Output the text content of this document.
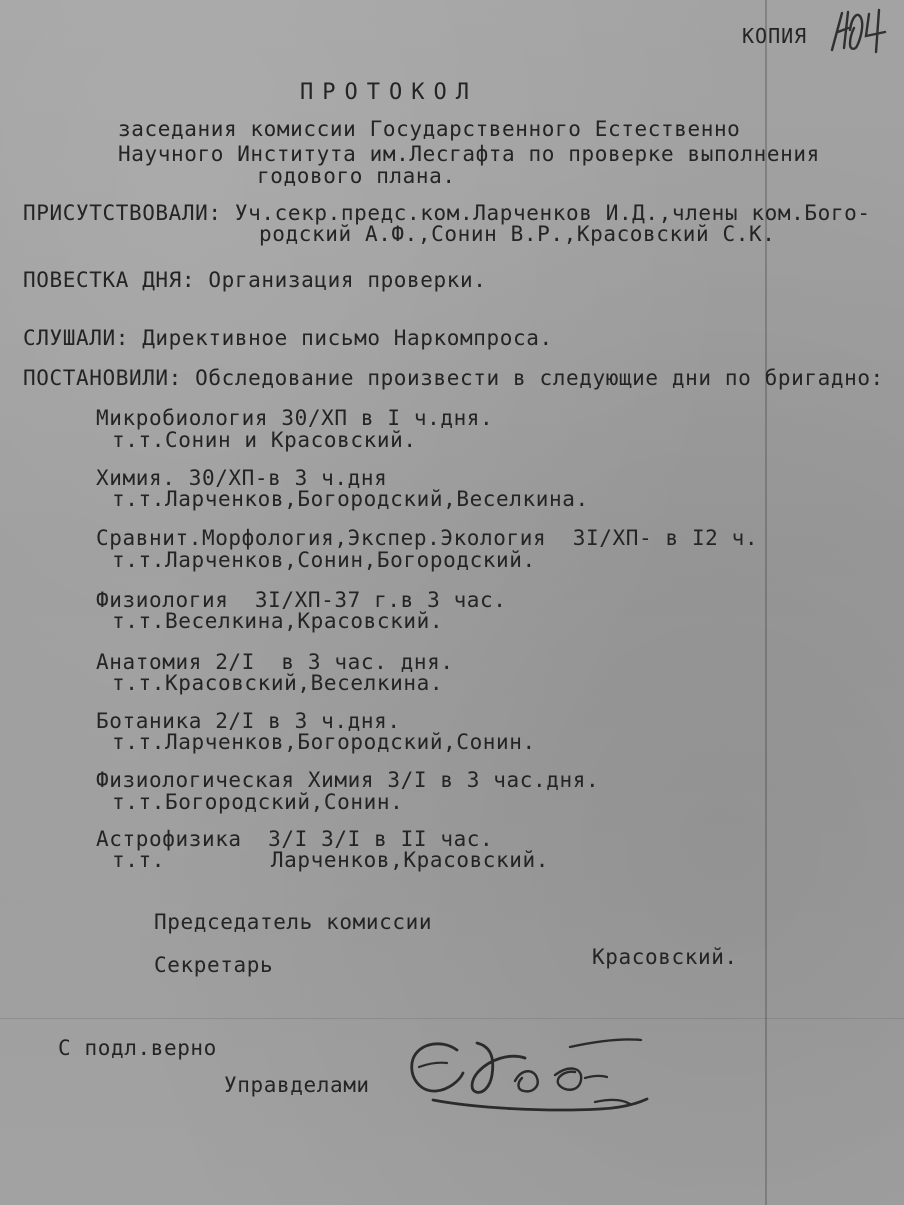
КОПИЯ
ПРОТОКОЛ
заседания комиссии Государственного Естественно
Научного Института им.Лесгафта по проверке выполнения
годового плана.
ПРИСУТСТВОВАЛИ: Уч.секр.предс.ком.Ларченков И.Д.,члены ком.Бого-
родский А.Ф.,Сонин В.Р.,Красовский С.К.
ПОВЕСТКА ДНЯ: Организация проверки.
СЛУШАЛИ: Директивное письмо Наркомпроса.
ПОСТАНОВИЛИ: Обследование произвести в следующие дни по бригадно:
Микробиология 30/ХП в I ч.дня.
т.т.Сонин и Красовский.
Химия. 30/ХП-в 3 ч.дня
т.т.Ларченков,Богородский,Веселкина.
Сравнит.Морфология,Экспер.Экология  3I/ХП- в I2 ч.
т.т.Ларченков,Сонин,Богородский.
Физиология  3I/ХП-37 г.в 3 час.
т.т.Веселкина,Красовский.
Анатомия 2/I  в 3 час. дня.
т.т.Красовский,Веселкина.
Ботаника 2/I в 3 ч.дня.
т.т.Ларченков,Богородский,Сонин.
Физиологическая Химия 3/I в 3 час.дня.
т.т.Богородский,Сонин.
Астрофизика  3/I 3/I в II час.
т.т.        Ларченков,Красовский.
Председатель комиссии
Секретарь	Красовский.
С подл.верно
Управделами
